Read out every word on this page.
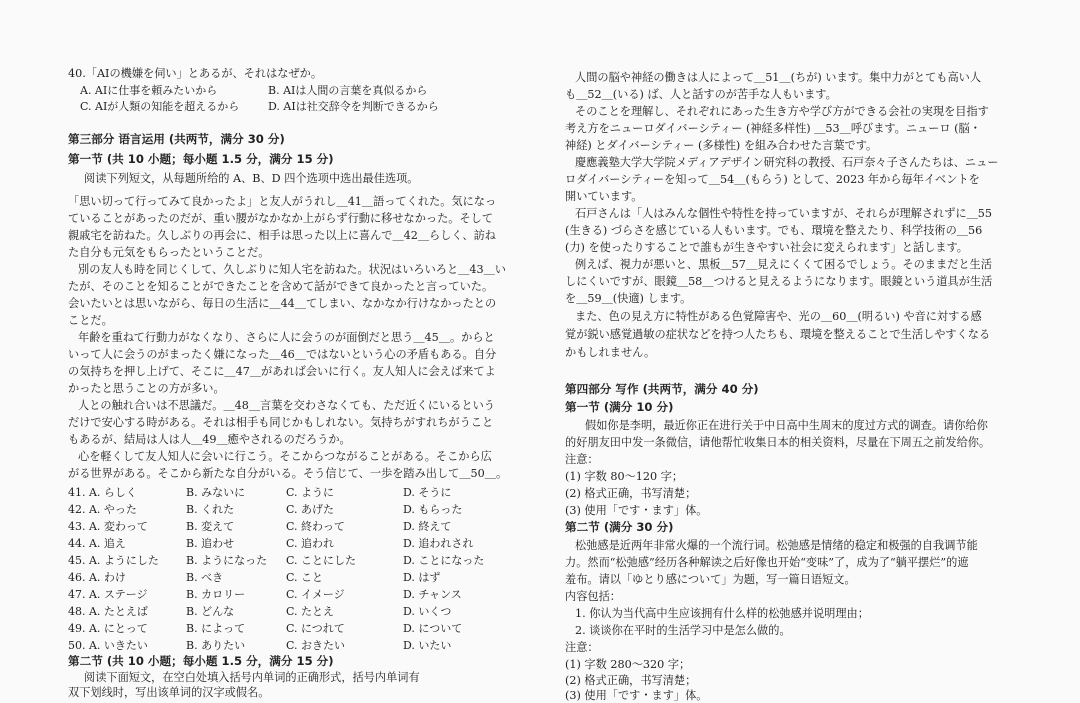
40.「AIの機嫌を伺い」とあるが、それはなぜか。
A. AIに仕事を頼みたいから	B. AIは人間の言葉を真似るから
C. AIが人類の知能を超えるから	D. AIは社交辞令を判断できるから
第三部分 语言运用 (共两节，满分 30 分)
第一节 (共 10 小题；每小题 1.5 分，满分 15 分)
阅读下列短文，从每题所给的 A、B、D 四个选项中选出最佳选项。
「思い切って行ってみて良かったよ」と友人がうれし＿41＿語ってくれた。気になっ
ていることがあったのだが、重い腰がなかなか上がらず行動に移せなかった。そして
親戚宅を訪ねた。久しぶりの再会に、相手は思った以上に喜んで＿42＿らしく、訪ね
た自分も元気をもらったということだ。
別の友人も時を同じくして、久しぶりに知人宅を訪ねた。状況はいろいろと＿43＿い
たが、そのことを知ることができたことを含めて話ができて良かったと言っていた。
会いたいとは思いながら、毎日の生活に＿44＿てしまい、なかなか行けなかったとの
ことだ。
年齢を重ねて行動力がなくなり、さらに人に会うのが面倒だと思う＿45＿。からと
いって人に会うのがまったく嫌になった＿46＿ではないという心の矛盾もある。自分
の気持ちを押し上げて、そこに＿47＿があれば会いに行く。友人知人に会えば来てよ
かったと思うことの方が多い。
人との触れ合いは不思議だ。＿48＿言葉を交わさなくても、ただ近くにいるという
だけで安心する時がある。それは相手も同じかもしれない。気持ちがすれちがうこと
もあるが、結局は人は人＿49＿癒やされるのだろうか。
心を軽くして友人知人に会いに行こう。そこからつながることがある。そこから広
がる世界がある。そこから新たな自分がいる。そう信じて、一歩を踏み出して＿50＿。
41. A. らしく	B. みないに	C. ように	D. そうに
42. A. やった	B. くれた	C. あげた	D. もらった
43. A. 変わって	B. 変えて	C. 終わって	D. 終えて
44. A. 追え	B. 追わせ	C. 追われ	D. 追われされ
45. A. ようにした B. ようになった C. ことにした	D. ことになった
46. A. わけ	B. べき	C. こと	D. はず
47. A. ステージ	B. カロリー	C. イメージ	D. チャンス
48. A. たとえば	B. どんな	C. たとえ	D. いくつ
49. A. にとって	B. によって	C. につれて	D. について
50. A. いきたい	B. ありたい	C. おきたい	D. いたい
第二节 (共 10 小题；每小题 1.5 分，满分 15 分)
阅读下面短文，在空白处填入括号内单词的正确形式，括号内单词有
双下划线时，写出该单词的汉字或假名。
人間の脳や神経の働きは人によって＿51＿(ちが) います。集中力がとても高い人
も＿52＿(いる) ば、人と話すのが苦手な人もいます。
そのことを理解し、それぞれにあった生き方や学び方ができる会社の実現を目指す
考え方をニューロダイバーシティー (神経多样性) ＿53＿呼びます。ニューロ (脳・
神経) とダイバーシティー (多様性) を組み合わせた言葉です。
慶應義塾大学大学院メディアデザイン研究科の教授、石戸奈々子さんたちは、ニュー
ロダイバーシティーを知って＿54＿(もらう) として、2023 年から毎年イベントを
開いています。
石戸さんは「人はみんな個性や特性を持っていますが、それらが理解されずに＿55
(生きる) づらさを感じている人もいます。でも、環境を整えたり、科学技術の＿56
(力) を使ったりすることで誰もが生きやすい社会に変えられます」と話します。
例えば、視力が悪いと、黒板＿57＿見えにくくて困るでしょう。そのままだと生活
しにくいですが、眼鏡＿58＿つけると見えるようになります。眼鏡という道具が生活
を＿59＿(快適) します。
また、色の見え方に特性がある色覚障害や、光の＿60＿(明るい) や音に対する感
覚が鋭い感覚過敏の症状などを持つ人たちも、環境を整えることで生活しやすくなる
かもしれません。
第四部分 写作 (共两节，满分 40 分)
第一节 (满分 10 分)
假如你是李明，最近你正在进行关于中日高中生周末的度过方式的调查。请你给你
的好朋友田中发一条微信，请他帮忙收集日本的相关资料，尽量在下周五之前发给你。
注意：
(1) 字数 80～120 字；
(2) 格式正确，书写清楚；
(3) 使用「です・ます」体。
第二节 (满分 30 分)
松弛感是近两年非常火爆的一个流行词。松弛感是情绪的稳定和极强的自我调节能
力。然而“松弛感”经历各种解读之后好像也开始“变味”了，成为了“躺平摆烂”的遮
羞布。请以「ゆとり感について」为题，写一篇日语短文。
内容包括：
1. 你认为当代高中生应该拥有什么样的松弛感并说明理由；
2. 谈谈你在平时的生活学习中是怎么做的。
注意：
(1) 字数 280～320 字；
(2) 格式正确，书写清楚；
(3) 使用「です・ます」体。
